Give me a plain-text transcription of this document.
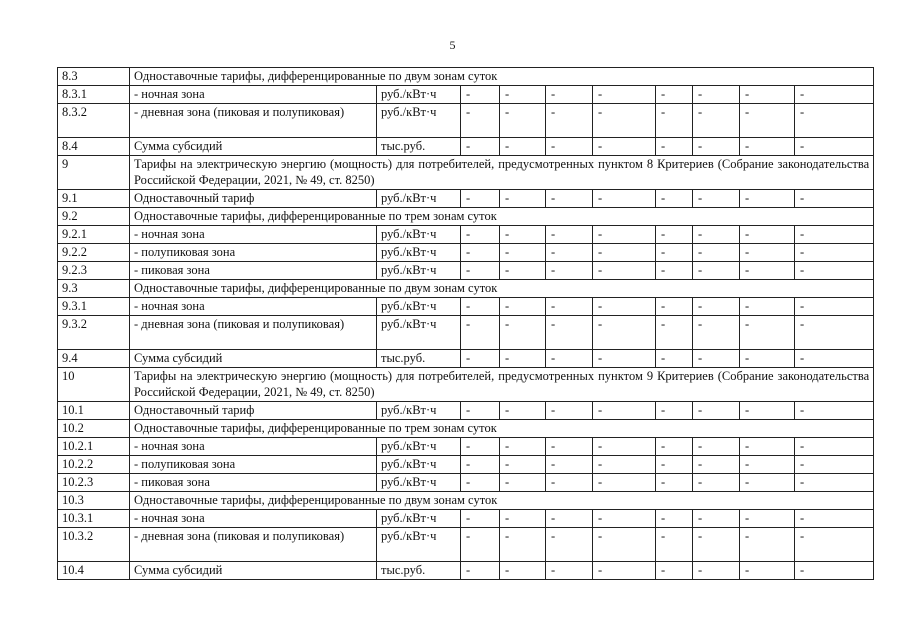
5
8.3	Одноставочные тарифы, дифференцированные по двум зонам суток										
8.3.1	- ночная зона	руб./кВт·ч	-	-	-	-	-	-	-	-	
8.3.2	- дневная зона (пиковая и полупиковая)	руб./кВт·ч	-	-	-	-	-	-	-	-	
8.4	Сумма субсидий	тыс.руб.	-	-	-	-	-	-	-	-	
9	Тарифы на электрическую энергию (мощность) для потребителей, предусмотренных пунктом 8 Критериев (Собрание законодательства Российской Федерации, 2021, № 49, ст. 8250)										
9.1	Одноставочный тариф	руб./кВт·ч	-	-	-	-	-	-	-	-	
9.2	Одноставочные тарифы, дифференцированные по трем зонам суток										
9.2.1	- ночная зона	руб./кВт·ч	-	-	-	-	-	-	-	-	
9.2.2	- полупиковая зона	руб./кВт·ч	-	-	-	-	-	-	-	-	
9.2.3	- пиковая зона	руб./кВт·ч	-	-	-	-	-	-	-	-	
9.3	Одноставочные тарифы, дифференцированные по двум зонам суток										
9.3.1	- ночная зона	руб./кВт·ч	-	-	-	-	-	-	-	-	
9.3.2	- дневная зона (пиковая и полупиковая)	руб./кВт·ч	-	-	-	-	-	-	-	-	
9.4	Сумма субсидий	тыс.руб.	-	-	-	-	-	-	-	-	
10	Тарифы на электрическую энергию (мощность) для потребителей, предусмотренных пунктом 9 Критериев (Собрание законодательства Российской Федерации, 2021, № 49, ст. 8250)										
10.1	Одноставочный тариф	руб./кВт·ч	-	-	-	-	-	-	-	-	
10.2	Одноставочные тарифы, дифференцированные по трем зонам суток										
10.2.1	- ночная зона	руб./кВт·ч	-	-	-	-	-	-	-	-	
10.2.2	- полупиковая зона	руб./кВт·ч	-	-	-	-	-	-	-	-	
10.2.3	- пиковая зона	руб./кВт·ч	-	-	-	-	-	-	-	-	
10.3	Одноставочные тарифы, дифференцированные по двум зонам суток										
10.3.1	- ночная зона	руб./кВт·ч	-	-	-	-	-	-	-	-	
10.3.2	- дневная зона (пиковая и полупиковая)	руб./кВт·ч	-	-	-	-	-	-	-	-	
10.4	Сумма субсидий	тыс.руб.	-	-	-	-	-	-	-	-	
